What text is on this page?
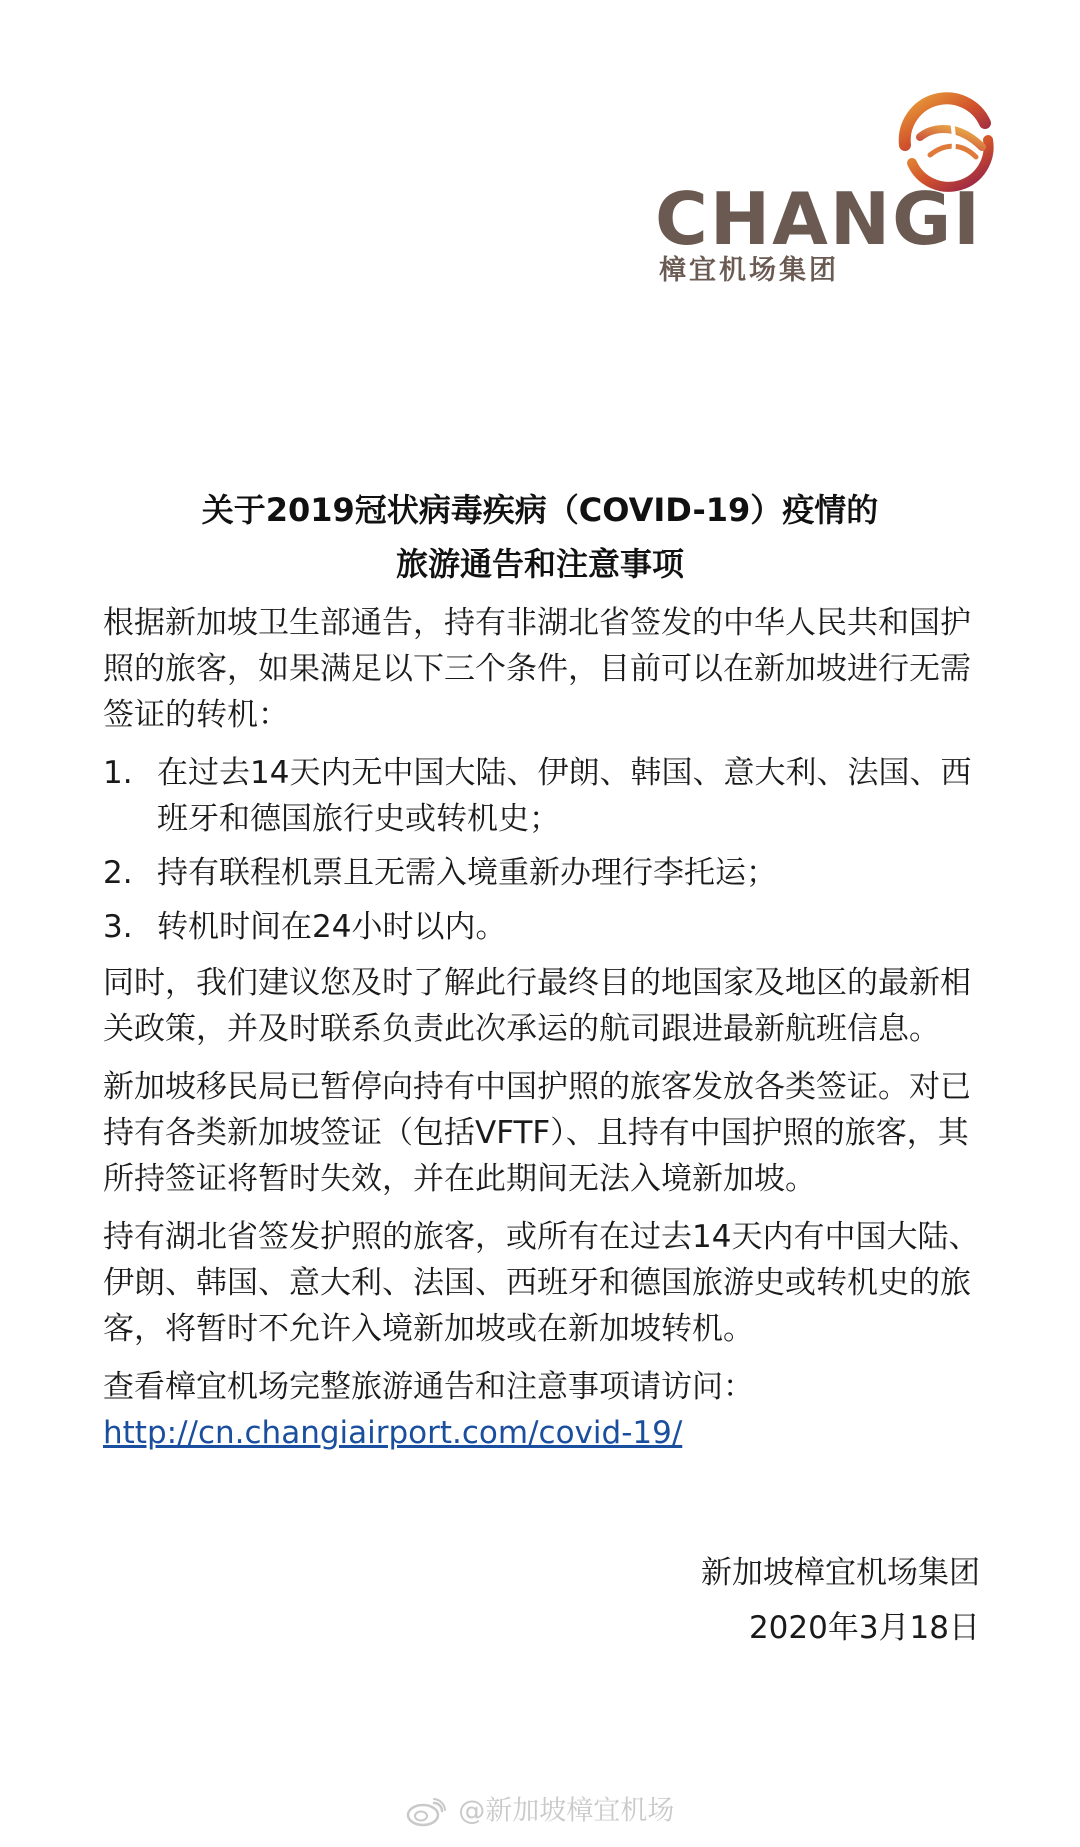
CHANGI
樟宜机场集团
关于2019冠状病毒疾病（COVID-19）疫情的
旅游通告和注意事项

根据新加坡卫生部通告，持有非湖北省签发的中华人民共和国护照的旅客，如果满足以下三个条件，目前可以在新加坡进行无需签证的转机：

1. 在过去14天内无中国大陆、伊朗、韩国、意大利、法国、西班牙和德国旅行史或转机史；
2. 持有联程机票且无需入境重新办理行李托运；
3. 转机时间在24小时以内。

同时，我们建议您及时了解此行最终目的地国家及地区的最新相关政策，并及时联系负责此次承运的航司跟进最新航班信息。

新加坡移民局已暂停向持有中国护照的旅客发放各类签证。对已持有各类新加坡签证（包括VFTF）、且持有中国护照的旅客，其所持签证将暂时失效，并在此期间无法入境新加坡。

持有湖北省签发护照的旅客，或所有在过去14天内有中国大陆、伊朗、韩国、意大利、法国、西班牙和德国旅游史或转机史的旅客，将暂时不允许入境新加坡或在新加坡转机。

查看樟宜机场完整旅游通告和注意事项请访问：
http://cn.changiairport.com/covid-19/

新加坡樟宜机场集团
2020年3月18日
@新加坡樟宜机场
